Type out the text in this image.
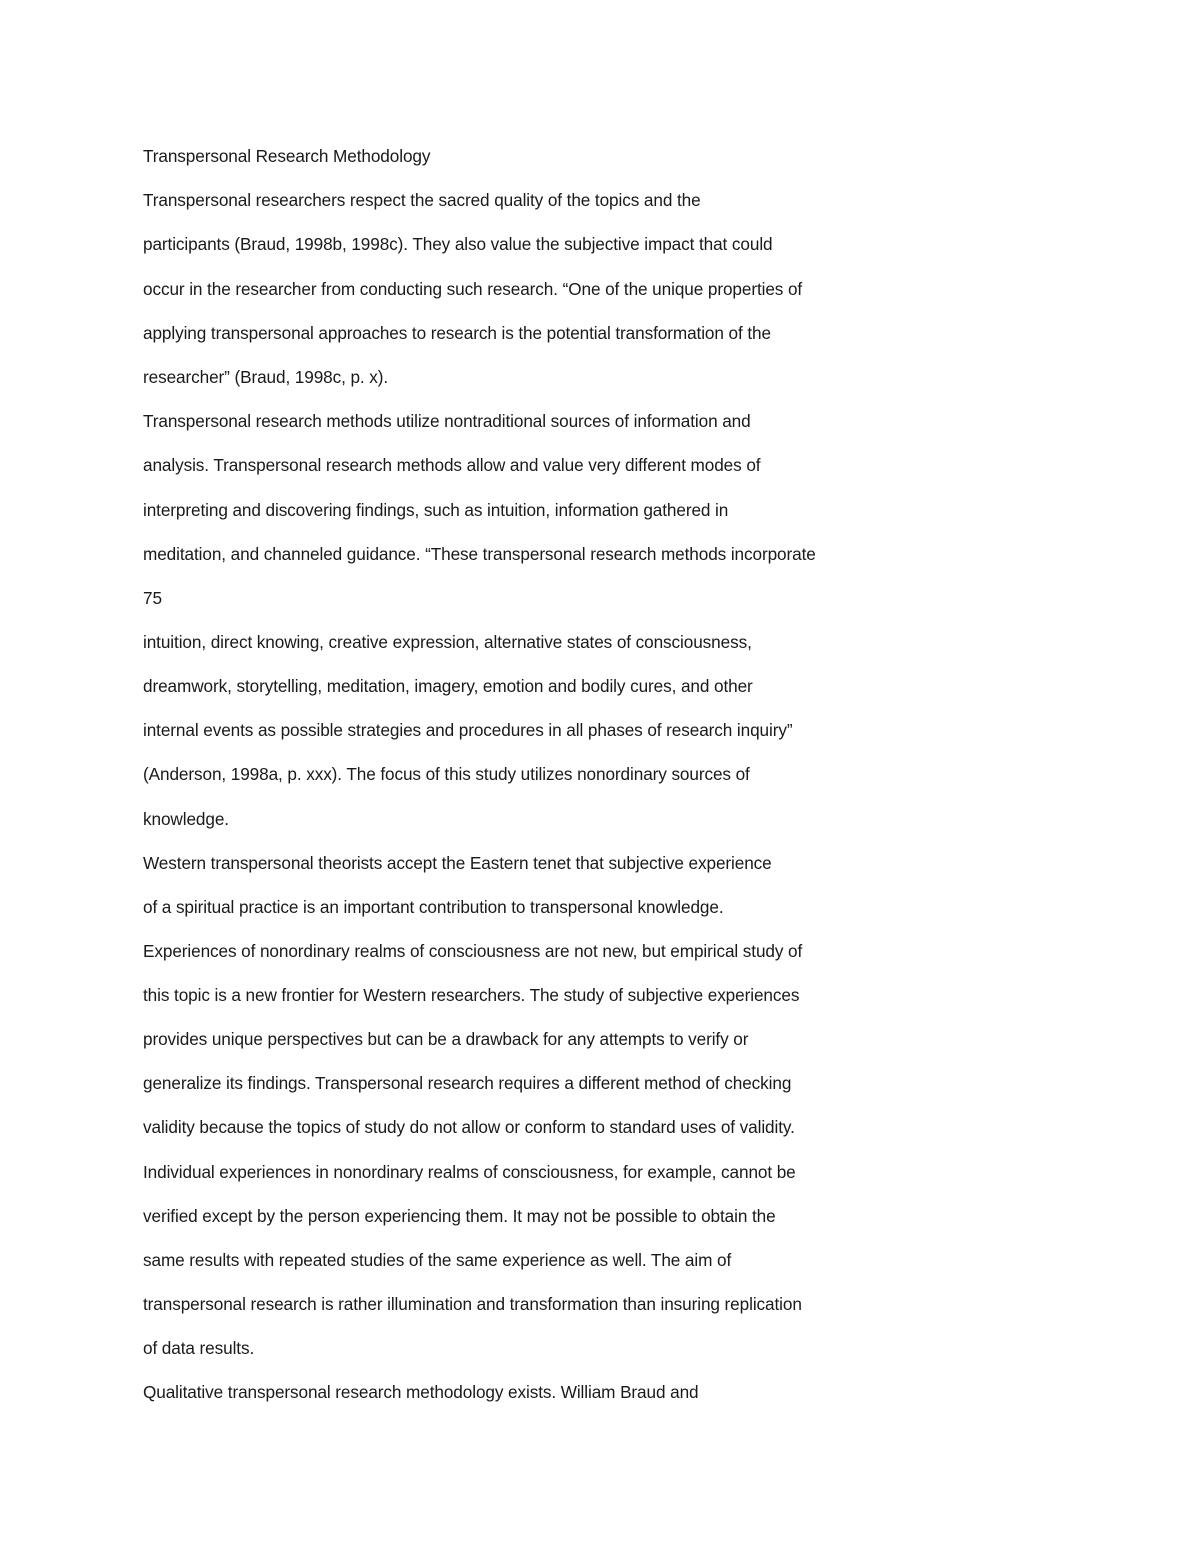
Transpersonal Research Methodology
Transpersonal researchers respect the sacred quality of the topics and the
participants (Braud, 1998b, 1998c). They also value the subjective impact that could
occur in the researcher from conducting such research. “One of the unique properties of
applying transpersonal approaches to research is the potential transformation of the
researcher” (Braud, 1998c, p. x).
Transpersonal research methods utilize nontraditional sources of information and
analysis. Transpersonal research methods allow and value very different modes of
interpreting and discovering findings, such as intuition, information gathered in
meditation, and channeled guidance. “These transpersonal research methods incorporate
75
intuition, direct knowing, creative expression, alternative states of consciousness,
dreamwork, storytelling, meditation, imagery, emotion and bodily cures, and other
internal events as possible strategies and procedures in all phases of research inquiry”
(Anderson, 1998a, p. xxx). The focus of this study utilizes nonordinary sources of
knowledge.
Western transpersonal theorists accept the Eastern tenet that subjective experience
of a spiritual practice is an important contribution to transpersonal knowledge.
Experiences of nonordinary realms of consciousness are not new, but empirical study of
this topic is a new frontier for Western researchers. The study of subjective experiences
provides unique perspectives but can be a drawback for any attempts to verify or
generalize its findings. Transpersonal research requires a different method of checking
validity because the topics of study do not allow or conform to standard uses of validity.
Individual experiences in nonordinary realms of consciousness, for example, cannot be
verified except by the person experiencing them. It may not be possible to obtain the
same results with repeated studies of the same experience as well. The aim of
transpersonal research is rather illumination and transformation than insuring replication
of data results.
Qualitative transpersonal research methodology exists. William Braud and
